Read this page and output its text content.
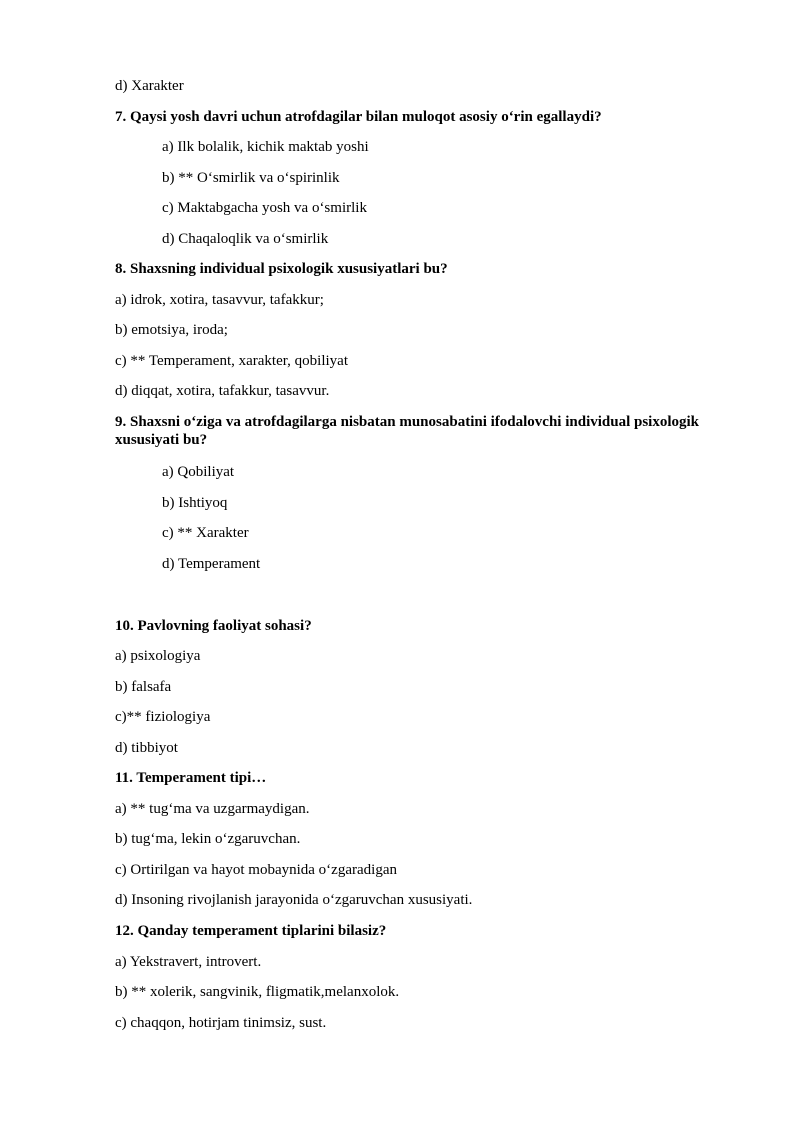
d) Xarakter
7. Qaysi yosh davri uchun atrofdagilar bilan muloqot asosiy o‘rin egallaydi?
a) Ilk bolalik, kichik maktab yoshi
b) ** O‘smirlik va o‘spirinlik
c) Maktabgacha yosh va o‘smirlik
d) Chaqaloqlik va o‘smirlik
8. Shaxsning individual psixologik xususiyatlari bu?
a) idrok, xotira, tasavvur, tafakkur;
b) emotsiya, iroda;
c) ** Temperament, xarakter, qobiliyat
d) diqqat, xotira, tafakkur, tasavvur.
9. Shaxsni o‘ziga va atrofdagilarga nisbatan munosabatini ifodalovchi individual psixologik xususiyati bu?
a) Qobiliyat
b) Ishtiyoq
c) ** Xarakter
d) Temperament
10. Pavlovning faoliyat sohasi?
a) psixologiya
b) falsafa
c)** fiziologiya
d) tibbiyot
11. Temperament tipi…
a) ** tug‘ma va uzgarmaydigan.
b) tug‘ma, lekin o‘zgaruvchan.
c) Ortirilgan va hayot mobaynida o‘zgaradigan
d) Insoning rivojlanish jarayonida o‘zgaruvchan xususiyati.
12. Qanday temperament tiplarini bilasiz?
a) Yekstravert, introvert.
b) ** xolerik, sangvinik, fligmatik,melanxolok.
c) chaqqon, hotirjam tinimsiz, sust.
